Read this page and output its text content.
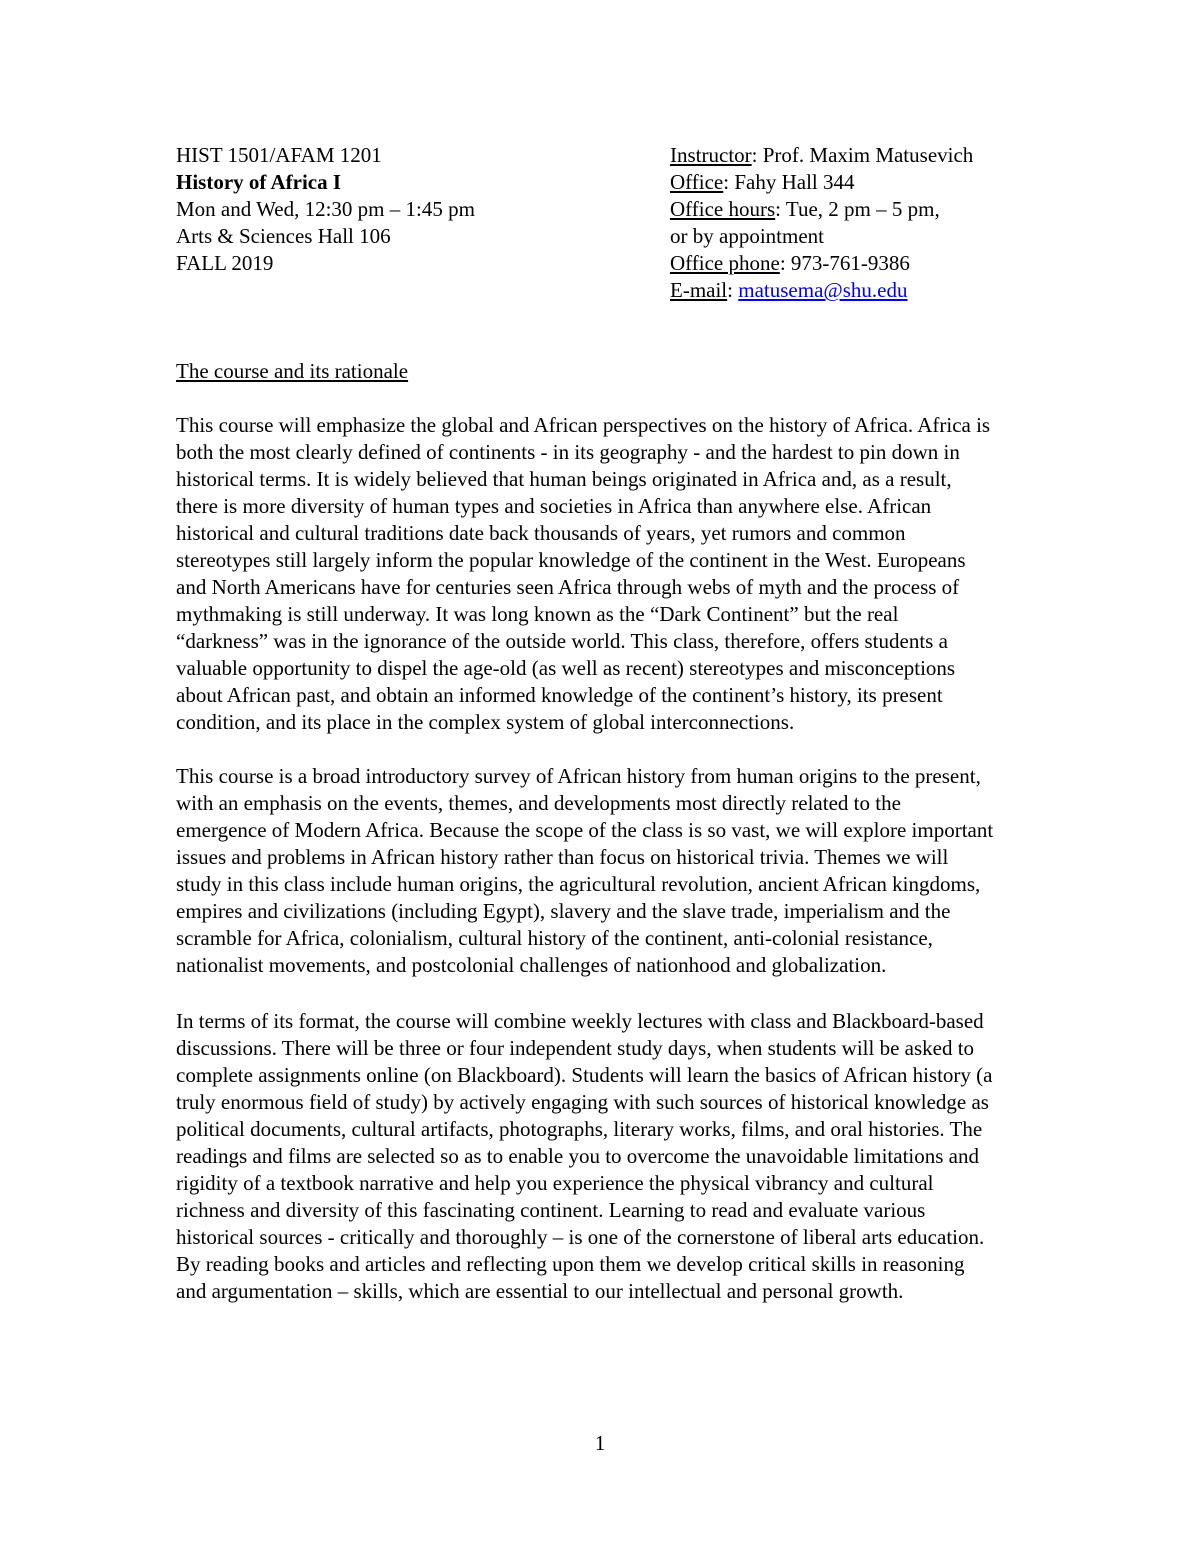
HIST 1501/AFAM 1201
History of Africa I
Mon and Wed, 12:30 pm – 1:45 pm
Arts & Sciences Hall 106
FALL 2019
Instructor: Prof. Maxim Matusevich
Office: Fahy Hall 344
Office hours: Tue, 2 pm – 5 pm,
or by appointment
Office phone: 973-761-9386
E-mail: matusema@shu.edu
The course and its rationale
This course will emphasize the global and African perspectives on the history of Africa. Africa is
both the most clearly defined of continents - in its geography - and the hardest to pin down in
historical terms. It is widely believed that human beings originated in Africa and, as a result,
there is more diversity of human types and societies in Africa than anywhere else. African
historical and cultural traditions date back thousands of years, yet rumors and common
stereotypes still largely inform the popular knowledge of the continent in the West. Europeans
and North Americans have for centuries seen Africa through webs of myth and the process of
mythmaking is still underway. It was long known as the “Dark Continent” but the real
“darkness” was in the ignorance of the outside world. This class, therefore, offers students a
valuable opportunity to dispel the age-old (as well as recent) stereotypes and misconceptions
about African past, and obtain an informed knowledge of the continent’s history, its present
condition, and its place in the complex system of global interconnections.
This course is a broad introductory survey of African history from human origins to the present,
with an emphasis on the events, themes, and developments most directly related to the
emergence of Modern Africa. Because the scope of the class is so vast, we will explore important
issues and problems in African history rather than focus on historical trivia. Themes we will
study in this class include human origins, the agricultural revolution, ancient African kingdoms,
empires and civilizations (including Egypt), slavery and the slave trade, imperialism and the
scramble for Africa, colonialism, cultural history of the continent, anti-colonial resistance,
nationalist movements, and postcolonial challenges of nationhood and globalization.
In terms of its format, the course will combine weekly lectures with class and Blackboard-based
discussions. There will be three or four independent study days, when students will be asked to
complete assignments online (on Blackboard). Students will learn the basics of African history (a
truly enormous field of study) by actively engaging with such sources of historical knowledge as
political documents, cultural artifacts, photographs, literary works, films, and oral histories. The
readings and films are selected so as to enable you to overcome the unavoidable limitations and
rigidity of a textbook narrative and help you experience the physical vibrancy and cultural
richness and diversity of this fascinating continent. Learning to read and evaluate various
historical sources - critically and thoroughly – is one of the cornerstone of liberal arts education.
By reading books and articles and reflecting upon them we develop critical skills in reasoning
and argumentation – skills, which are essential to our intellectual and personal growth.
1
